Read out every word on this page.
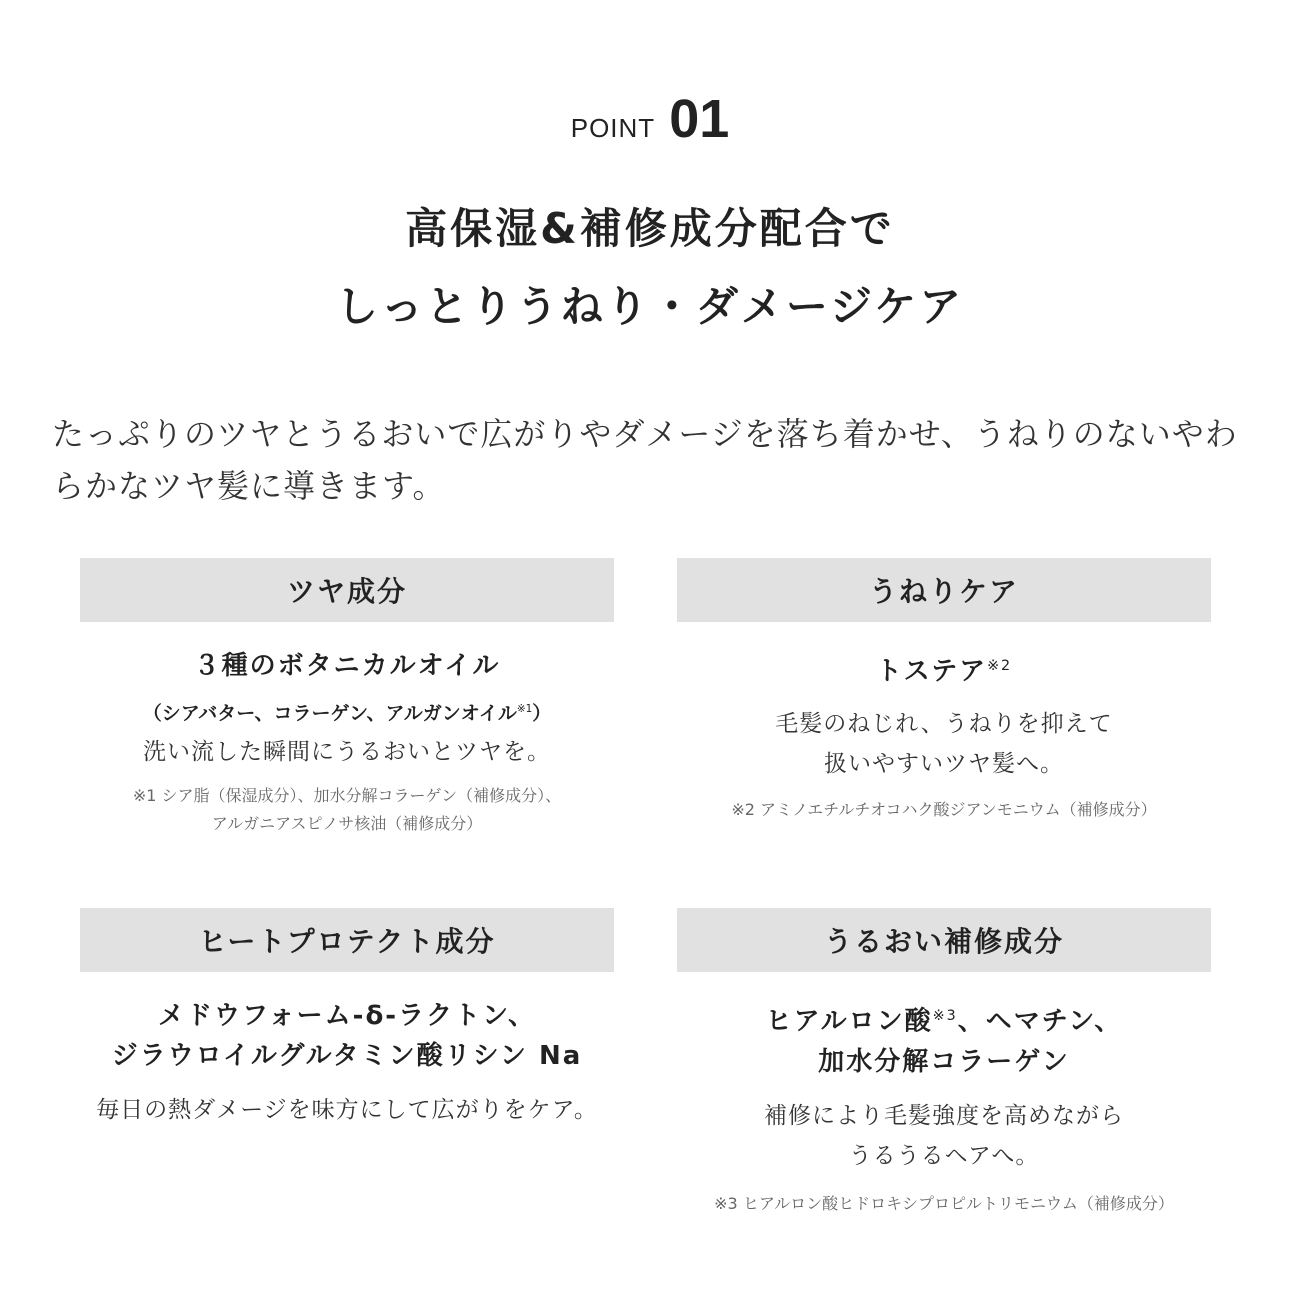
POINT 01
高保湿&補修成分配合で
しっとりうねり・ダメージケア
たっぷりのツヤとうるおいで広がりやダメージを落ち着かせ、うねりのないやわらかなツヤ髪に導きます。
ツヤ成分
３種のボタニカルオイル
（シアバター、コラーゲン、アルガンオイル$^{※1}$）
洗い流した瞬間にうるおいとツヤを。
※1 シア脂（保湿成分）、加水分解コラーゲン（補修成分）、
アルガニアスピノサ核油（補修成分）
うねりケア
トステア$^{※2}$
毛髪のねじれ、うねりを抑えて
扱いやすいツヤ髪へ。
※2 アミノエチルチオコハク酸ジアンモニウム（補修成分）
ヒートプロテクト成分
メドウフォーム-δ-ラクトン、
ジラウロイルグルタミン酸リシン Na
毎日の熱ダメージを味方にして広がりをケア。
うるおい補修成分
ヒアルロン酸$^{※3}$、ヘマチン、
加水分解コラーゲン
補修により毛髪強度を高めながら
うるうるヘアへ。
※3 ヒアルロン酸ヒドロキシプロピルトリモニウム（補修成分）
